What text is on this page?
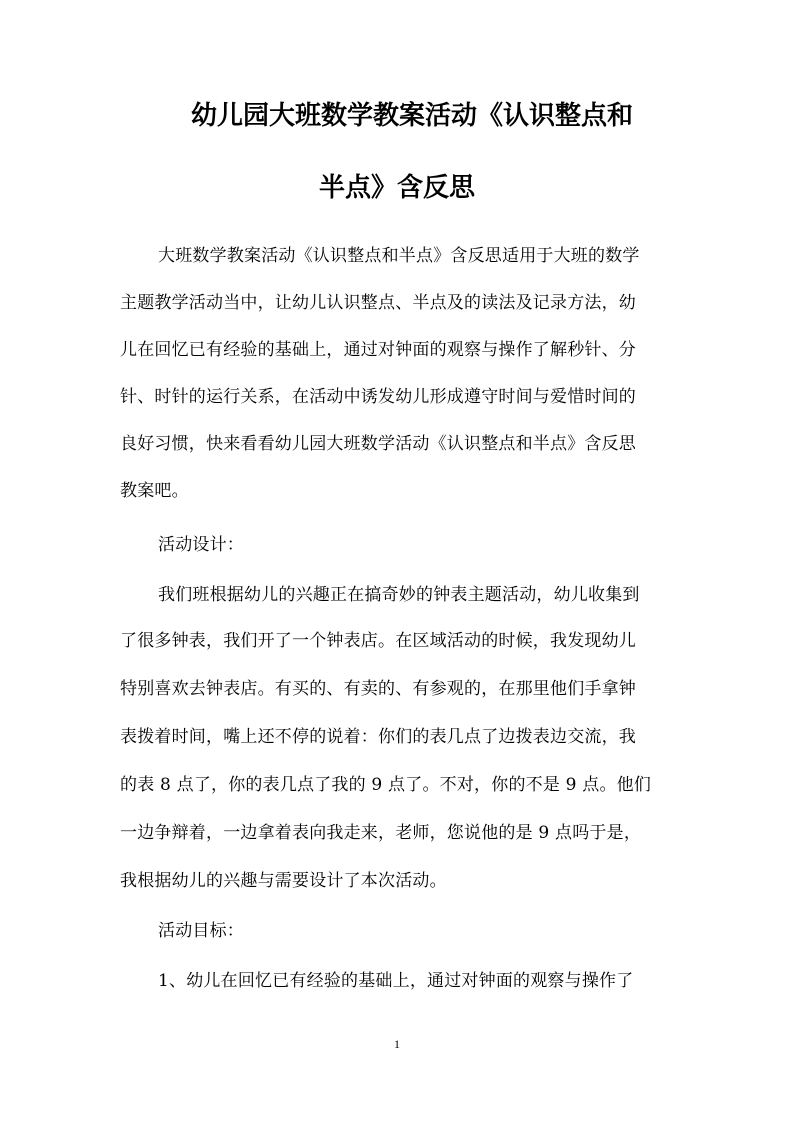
幼儿园大班数学教案活动《认识整点和
半点》含反思
大班数学教案活动《认识整点和半点》含反思适用于大班的数学
主题教学活动当中，让幼儿认识整点、半点及的读法及记录方法，幼
儿在回忆已有经验的基础上，通过对钟面的观察与操作了解秒针、分
针、时针的运行关系，在活动中诱发幼儿形成遵守时间与爱惜时间的
良好习惯，快来看看幼儿园大班数学活动《认识整点和半点》含反思
教案吧。
活动设计：
我们班根据幼儿的兴趣正在搞奇妙的钟表主题活动，幼儿收集到
了很多钟表，我们开了一个钟表店。在区域活动的时候，我发现幼儿
特别喜欢去钟表店。有买的、有卖的、有参观的，在那里他们手拿钟
表拨着时间，嘴上还不停的说着：你们的表几点了边拨表边交流，我
的表 8 点了，你的表几点了我的 9 点了。不对，你的不是 9 点。他们
一边争辩着，一边拿着表向我走来，老师，您说他的是 9 点吗于是，
我根据幼儿的兴趣与需要设计了本次活动。
活动目标：
1、幼儿在回忆已有经验的基础上，通过对钟面的观察与操作了
1
